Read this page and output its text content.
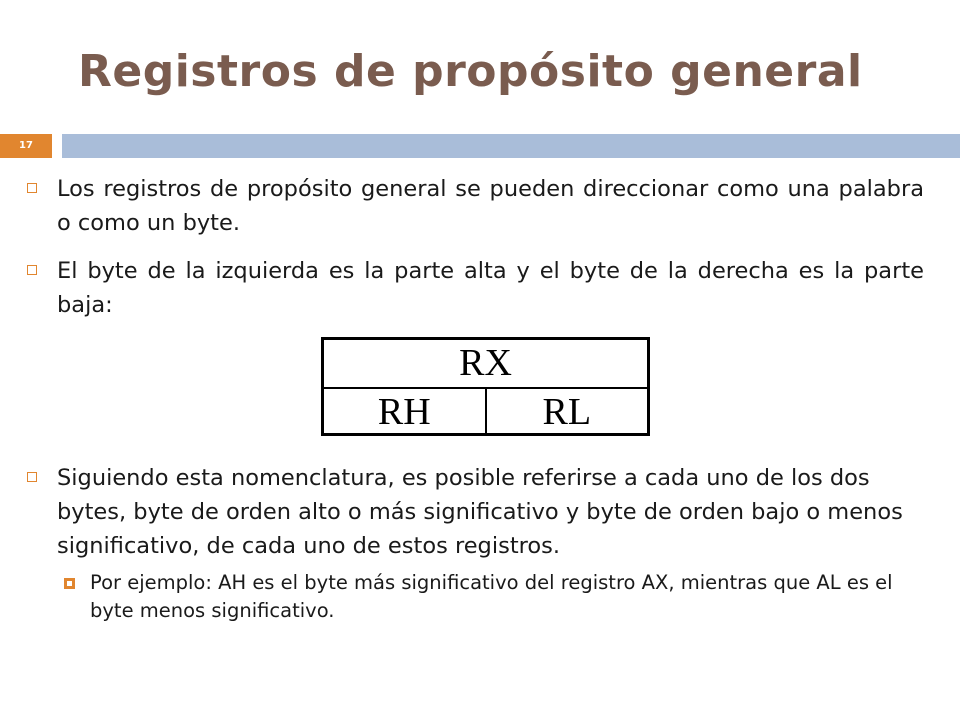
Registros de propósito general
17
Los registros de propósito general se pueden direccionar como una palabra o como un byte.
El byte de la izquierda es la parte alta y el byte de la derecha es la parte baja:
RX
RH	RL
Siguiendo esta nomenclatura, es posible referirse a cada uno de los dos bytes, byte de orden alto o más significativo y byte de orden bajo o menos significativo, de cada uno de estos registros.
Por ejemplo: AH es el byte más significativo del registro AX, mientras que AL es el byte menos significativo.
